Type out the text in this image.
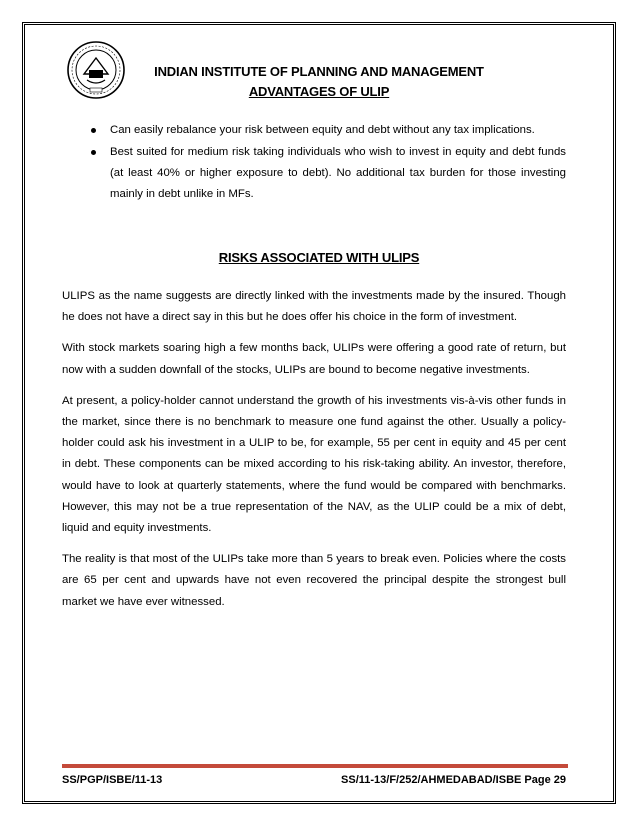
INDIAN INSTITUTE OF PLANNING AND MANAGEMENT
ADVANTAGES OF ULIP
Can easily rebalance your risk between equity and debt without any tax implications.
Best suited for medium risk taking individuals who wish to invest in equity and debt funds (at least 40% or higher exposure to debt). No additional tax burden for those investing mainly in debt unlike in MFs.
RISKS ASSOCIATED WITH ULIPS

ULIPS as the name suggests are directly linked with the investments made by the insured. Though he does not have a direct say in this but he does offer his choice in the form of investment.

With stock markets soaring high a few months back, ULIPs were offering a good rate of return, but now with a sudden downfall of the stocks, ULIPs are bound to become negative investments.

At present, a policy-holder cannot understand the growth of his investments vis-à-vis other funds in the market, since there is no benchmark to measure one fund against the other. Usually a policy-holder could ask his investment in a ULIP to be, for example, 55 per cent in equity and 45 per cent in debt. These components can be mixed according to his risk-taking ability. An investor, therefore, would have to look at quarterly statements, where the fund would be compared with benchmarks. However, this may not be a true representation of the NAV, as the ULIP could be a mix of debt, liquid and equity investments.

The reality is that most of the ULIPs take more than 5 years to break even. Policies where the costs are 65 per cent and upwards have not even recovered the principal despite the strongest bull market we have ever witnessed.

SS/PGP/ISBE/11-13	SS/11-13/F/252/AHMEDABAD/ISBE Page 29
